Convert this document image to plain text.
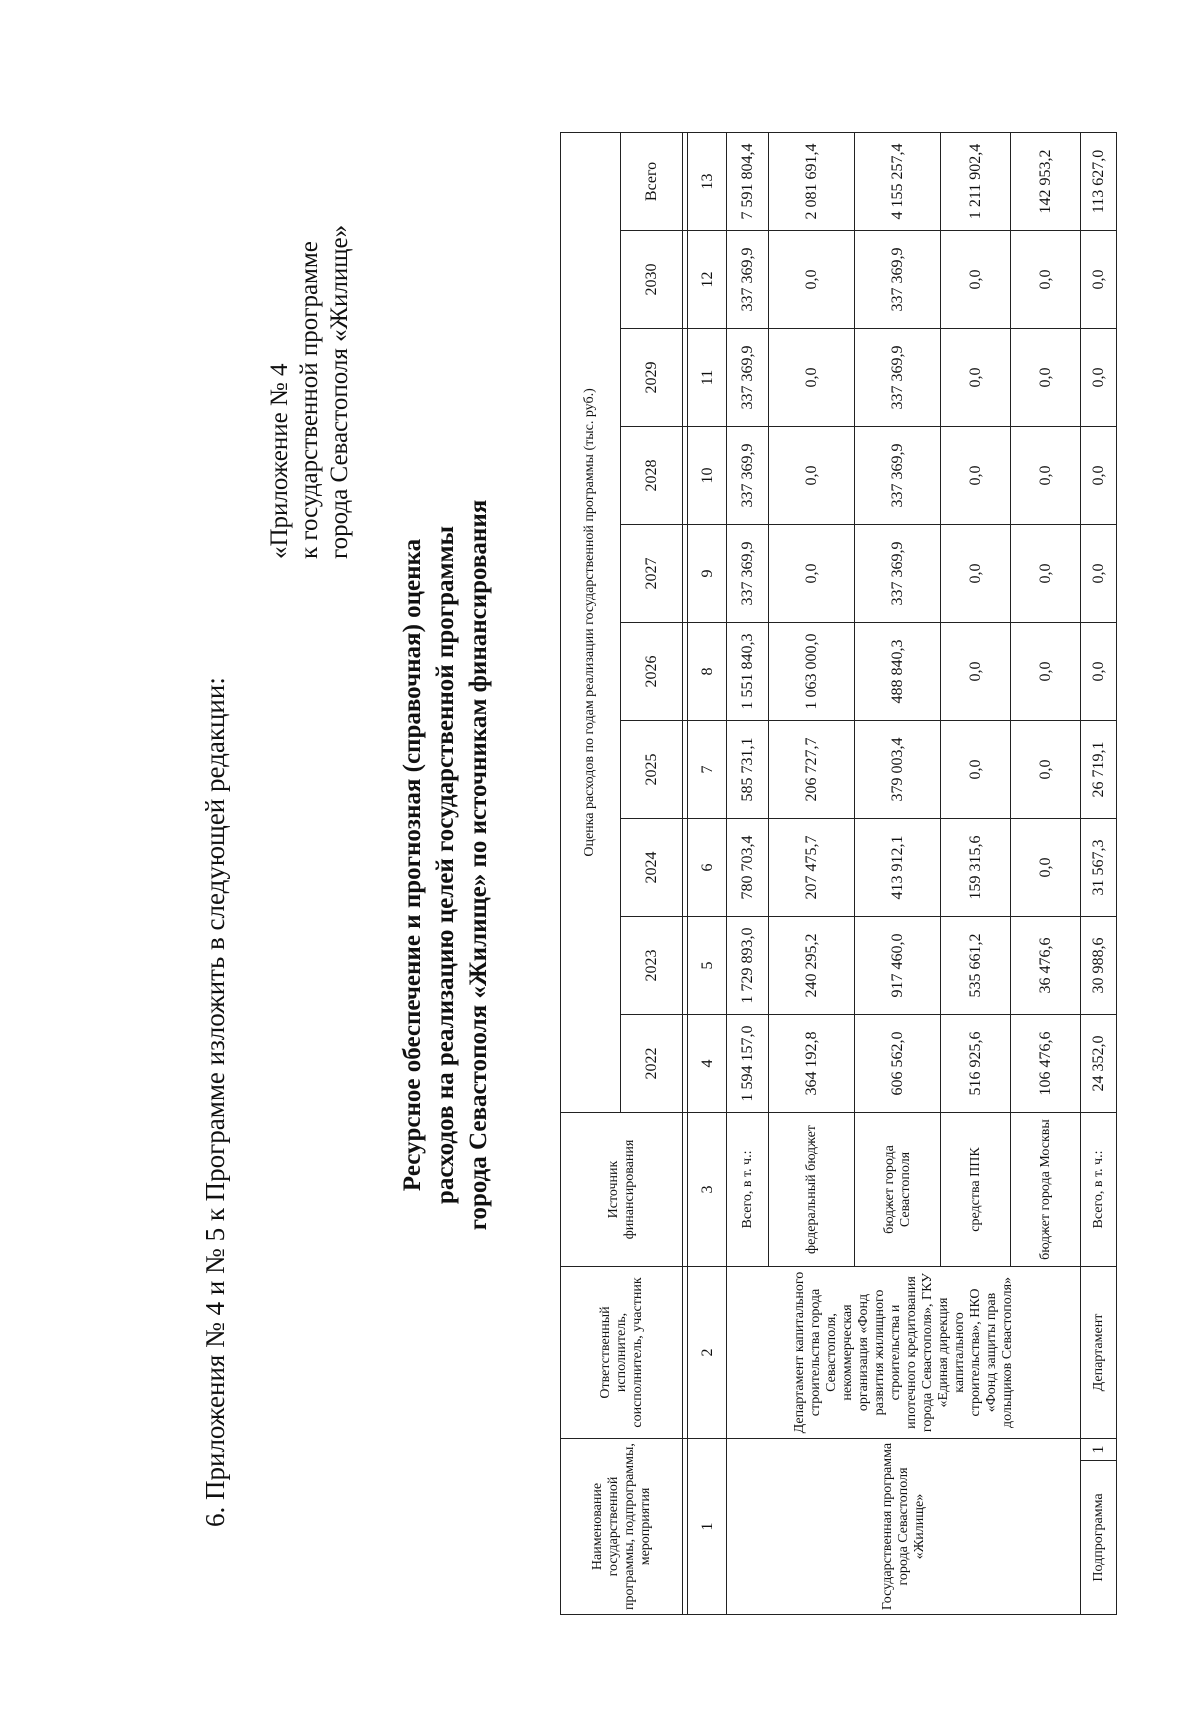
6. Приложения № 4 и № 5 к Программе изложить в следующей редакции:
«Приложение № 4 к государственной программе города Севастополя «Жилище»
Ресурсное обеспечение и прогнозная (справочная) оценка расходов на реализацию целей государственной программы города Севастополя «Жилище» по источникам финансирования
Наименование государственной программы, подпрограммы, мероприятия		Ответственный исполнитель, соисполнитель, участник	Источник финансирования	Оценка расходов по годам реализации государственной программы (тыс. руб.)									
				2022	2023	2024	2025	2026	2027	2028	2029	2030	Всего

1		2	3	4	5	6	7	8	9	10	11	12	13
Государственная программа города Севастополя «Жилище»		Департамент капитального строительства города Севастополя, некоммерческая организация «Фонд развития жилищного строительства и ипотечного кредитования города Севастополя», ГКУ «Единая дирекция капитального строительства», НКО «Фонд защиты прав дольщиков Севастополя»	Всего, в т. ч.:	1 594 157,0	1 729 893,0	780 703,4	585 731,1	1 551 840,3	337 369,9	337 369,9	337 369,9	337 369,9	7 591 804,4
			федеральный бюджет	364 192,8	240 295,2	207 475,7	206 727,7	1 063 000,0	0,0	0,0	0,0	0,0	2 081 691,4
			бюджет города Севастополя	606 562,0	917 460,0	413 912,1	379 003,4	488 840,3	337 369,9	337 369,9	337 369,9	337 369,9	4 155 257,4
			средства ППК	516 925,6	535 661,2	159 315,6	0,0	0,0	0,0	0,0	0,0	0,0	1 211 902,4
			бюджет города Москвы	106 476,6	36 476,6	0,0	0,0	0,0	0,0	0,0	0,0	0,0	142 953,2
Подпрограмма	1	Департамент	Всего, в т. ч.:	24 352,0	30 988,6	31 567,3	26 719,1	0,0	0,0	0,0	0,0	0,0	113 627,0
